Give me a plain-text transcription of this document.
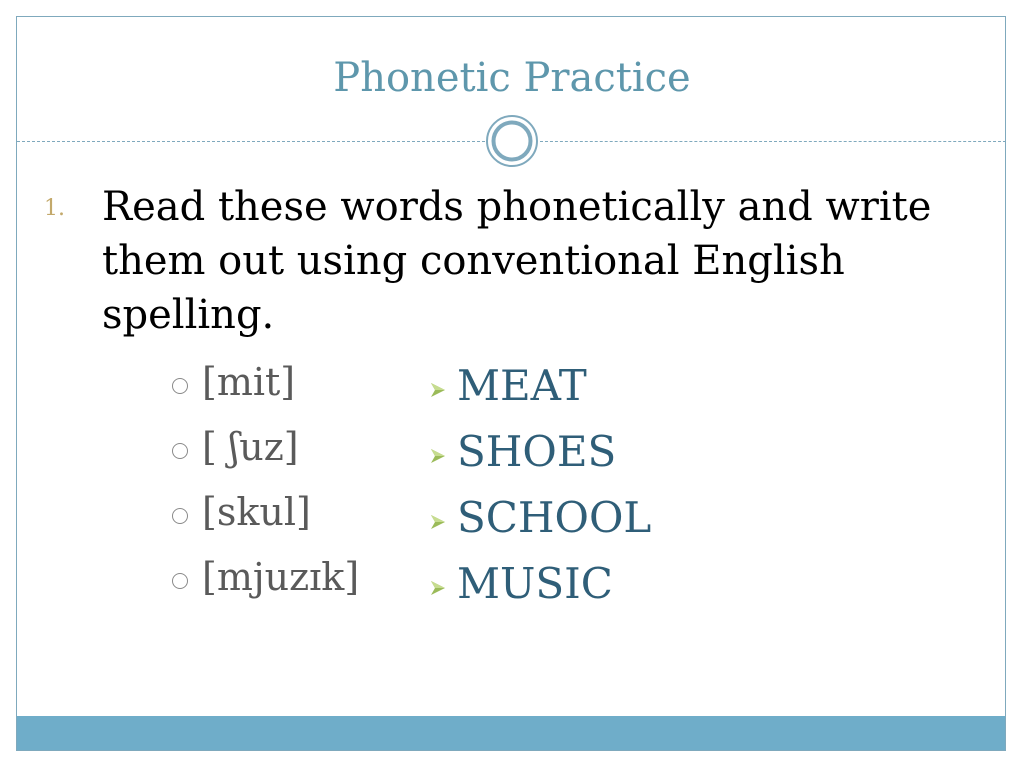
Phonetic Practice
1. Read these words phonetically and write them out using conventional English spelling.
[mit]
[ ʃuz]
[skul]
[mjuzɪk]
MEAT
SHOES
SCHOOL
MUSIC
